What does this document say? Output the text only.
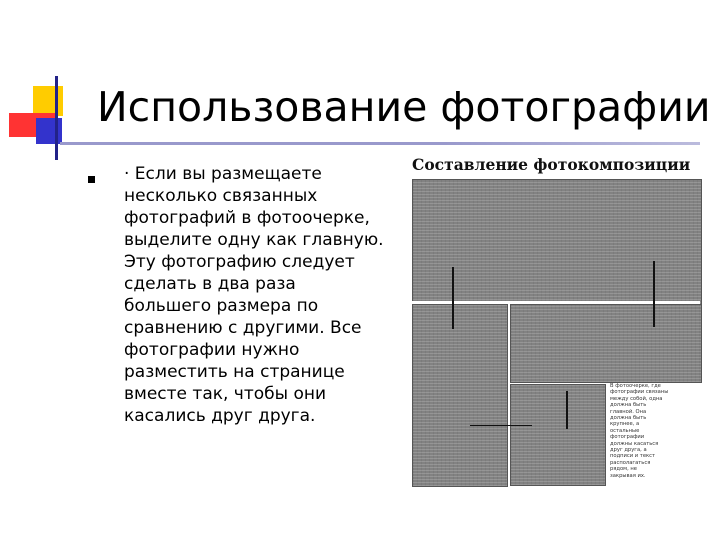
Использование фотографии
· Если вы размещаете
несколько связанных
фотографий в фотоочерке,
выделите одну как главную.
Эту фотографию следует
сделать в два раза
большего размера по
сравнению с другими. Все
фотографии нужно
разместить на странице
вместе так, чтобы они
касались друг друга.
Составление фотокомпозиции
В фотоочерке, где
фотографии связаны
между собой, одна
должна быть
главной. Она
должна быть
крупнее, а
остальные
фотографии
должны касаться
друг друга, а
подписи и текст
располагаться
рядом, не
закрывая их.
